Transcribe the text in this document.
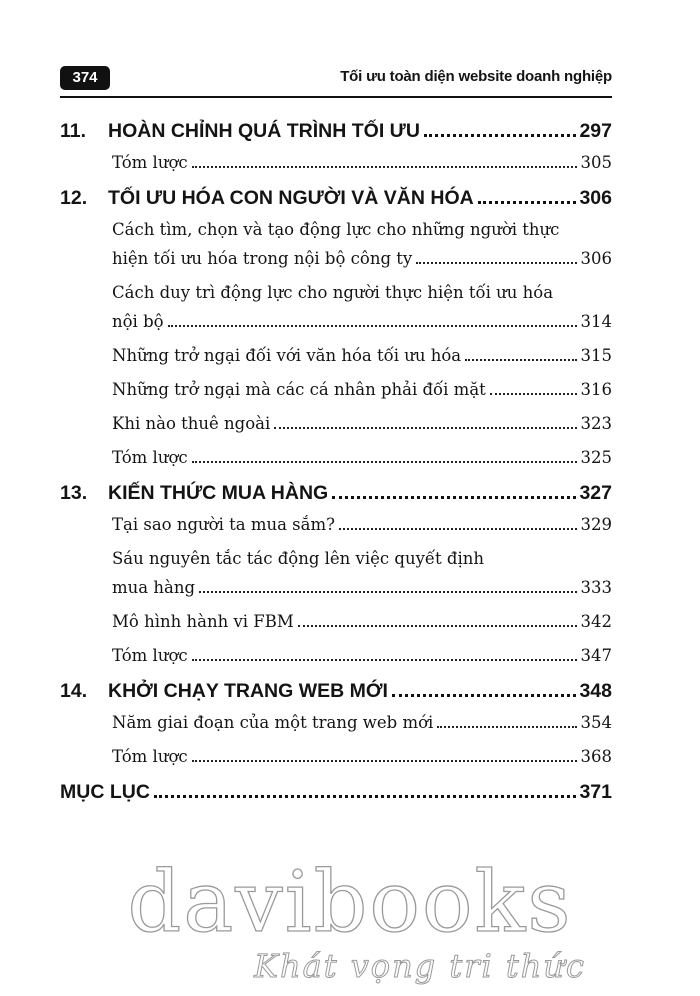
374	Tối ưu toàn diện website doanh nghiệp
11.	HOÀN CHỈNH QUÁ TRÌNH TỐI ƯU	297
Tóm lược	305
12.	TỐI ƯU HÓA CON NGƯỜI VÀ VĂN HÓA	306
Cách tìm, chọn và tạo động lực cho những người thực
hiện tối ưu hóa trong nội bộ công ty	306
Cách duy trì động lực cho người thực hiện tối ưu hóa
nội bộ	314
Những trở ngại đối với văn hóa tối ưu hóa	315
Những trở ngại mà các cá nhân phải đối mặt	316
Khi nào thuê ngoài	323
Tóm lược	325
13.	KIẾN THỨC MUA HÀNG	327
Tại sao người ta mua sắm?	329
Sáu nguyên tắc tác động lên việc quyết định
mua hàng	333
Mô hình hành vi FBM	342
Tóm lược	347
14.	KHỞI CHẠY TRANG WEB MỚI	348
Năm giai đoạn của một trang web mới	354
Tóm lược	368
MỤC LỤC	371
davibooks
Khát vọng tri thức
